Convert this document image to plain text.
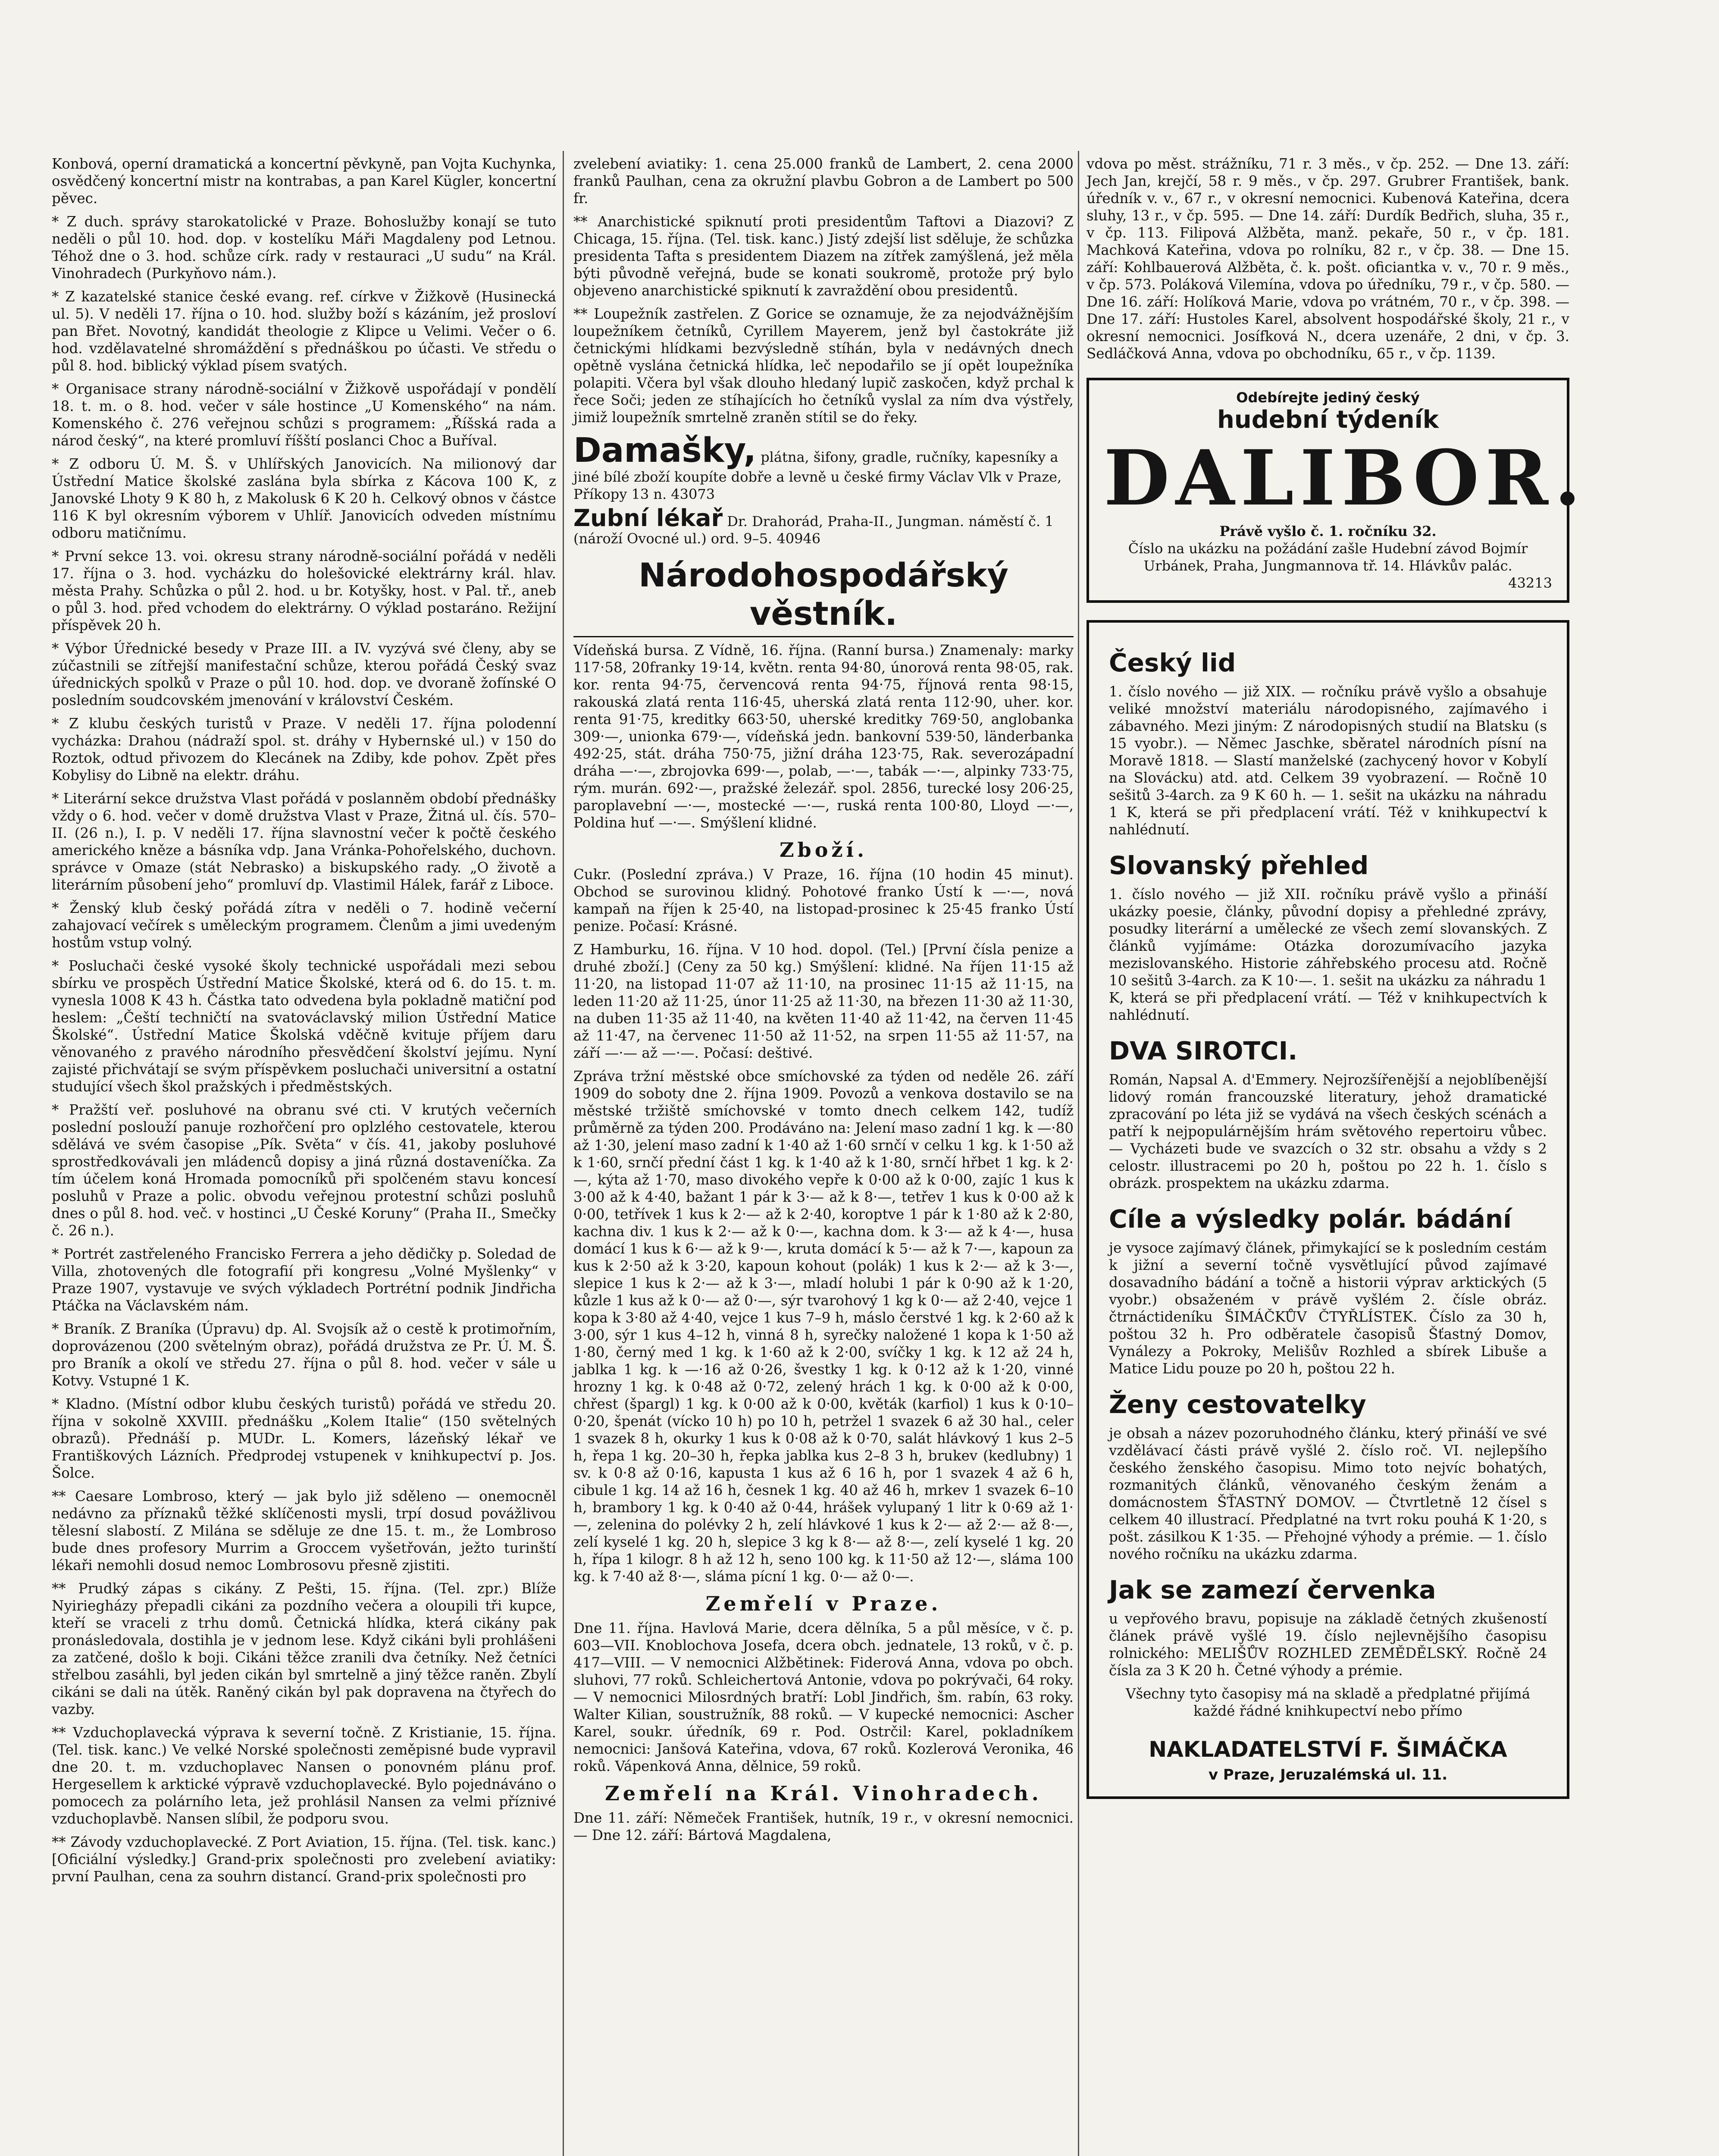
Konbová, operní dramatická a koncertní pěvkyně, pan Vojta Kuchynka, osvědčený koncertní mistr na kontrabas, a pan Karel Kügler, koncertní pěvec.

* Z duch. správy starokatolické v Praze. Bohoslužby konají se tuto neděli o půl 10. hod. dop. v kostelíku Máři Magdaleny pod Letnou. Téhož dne o 3. hod. schůze círk. rady v restauraci „U sudu“ na Král. Vinohradech (Purkyňovo nám.).

* Z kazatelské stanice české evang. ref. církve v Žižkově (Husinecká ul. 5). V neděli 17. října o 10. hod. služby boží s kázáním, jež prosloví pan Břet. Novotný, kandidát theologie z Klipce u Velimi. Večer o 6. hod. vzdělavatelné shromáždění s přednáškou po účasti. Ve středu o půl 8. hod. biblický výklad písem svatých.

* Organisace strany národně-sociální v Žižkově uspořádají v pondělí 18. t. m. o 8. hod. večer v sále hostince „U Komenského“ na nám. Komenského č. 276 veřejnou schůzi s programem: „Říšská rada a národ český“, na které promluví říšští poslanci Choc a Buříval.

* Z odboru Ú. M. Š. v Uhlířských Janovicích. Na milionový dar Ústřední Matice školské zaslána byla sbírka z Kácova 100 K, z Janovské Lhoty 9 K 80 h, z Makolusk 6 K 20 h. Celkový obnos v částce 116 K byl okresním výborem v Uhlíř. Janovicích odveden místnímu odboru matičnímu.

* První sekce 13. voi. okresu strany národně-sociální pořádá v neděli 17. října o 3. hod. vycházku do holešovické elektrárny král. hlav. města Prahy. Schůzka o půl 2. hod. u br. Kotyšky, host. v Pal. tř., aneb o půl 3. hod. před vchodem do elektrárny. O výklad postaráno. Režijní příspěvek 20 h.

* Výbor Úřednické besedy v Praze III. a IV. vyzývá své členy, aby se zúčastnili se zítřejší manifestační schůze, kterou pořádá Český svaz úřednických spolků v Praze o půl 10. hod. dop. ve dvoraně žofínské O posledním soudcovském jmenování v království Českém.

* Z klubu českých turistů v Praze. V neděli 17. října polodenní vycházka: Drahou (nádraží spol. st. dráhy v Hybernské ul.) v 150 do Roztok, odtud přivozem do Klecánek na Zdiby, kde pohov. Zpět přes Kobylisy do Libně na elektr. dráhu.

* Literární sekce družstva Vlast pořádá v poslanněm období přednášky vždy o 6. hod. večer v domě družstva Vlast v Praze, Žitná ul. čís. 570–II. (26 n.), I. p. V neděli 17. října slavnostní večer k počtě českého amerického kněze a básníka vdp. Jana Vránka-Pohořelského, duchovn. správce v Omaze (stát Nebrasko) a biskupského rady. „O životě a literárním působení jeho“ promluví dp. Vlastimil Hálek, farář z Liboce.

* Ženský klub český pořádá zítra v neděli o 7. hodině večerní zahajovací večírek s uměleckým programem. Členům a jimi uvedeným hostům vstup volný.

* Posluchači české vysoké školy technické uspořádali mezi sebou sbírku ve prospěch Ústřední Matice Školské, která od 6. do 15. t. m. vynesla 1008 K 43 h. Částka tato odvedena byla pokladně matiční pod heslem: „Čeští techničtí na svatováclavský milion Ústřední Matice Školské“. Ústřední Matice Školská vděčně kvituje příjem daru věnovaného z pravého národního přesvědčení školství jejímu. Nyní zajisté přichvátají se svým příspěvkem posluchači universitní a ostatní studující všech škol pražských i předměstských.

* Pražští veř. posluhové na obranu své cti. V krutých večerních poslední poslouží panuje rozhořčení pro oplzlého cestovatele, kterou sdělává ve svém časopise „Pík. Světa“ v čís. 41, jakoby posluhové sprostředkovávali jen mládenců dopisy a jiná různá dostaveníčka. Za tím účelem koná Hromada pomocníků při spolčeném stavu koncesí posluhů v Praze a polic. obvodu veřejnou protestní schůzi posluhů dnes o půl 8. hod. več. v hostinci „U České Koruny“ (Praha II., Smečky č. 26 n.).

* Portrét zastřeleného Francisko Ferrera a jeho dědičky p. Soledad de Villa, zhotovených dle fotografií při kongresu „Volné Myšlenky“ v Praze 1907, vystavuje ve svých výkladech Portrétní podnik Jindřicha Ptáčka na Václavském nám.

* Braník. Z Braníka (Úpravu) dp. Al. Svojsík až o cestě k protimořním, doprovázenou (200 světelným obraz), pořádá družstva ze Pr. Ú. M. Š. pro Braník a okolí ve středu 27. října o půl 8. hod. večer v sále u Kotvy. Vstupné 1 K.

* Kladno. (Místní odbor klubu českých turistů) pořádá ve středu 20. října v sokolně XXVIII. přednášku „Kolem Italie“ (150 světelných obrazů). Přednáší p. MUDr. L. Komers, lázeňský lékař ve Františkových Lázních. Předprodej vstupenek v knihkupectví p. Jos. Šolce.

** Caesare Lombroso, který — jak bylo již sděleno — onemocněl nedávno za příznaků těžké sklíčenosti mysli, trpí dosud povážlivou tělesní slabostí. Z Milána se sděluje ze dne 15. t. m., že Lombroso bude dnes profesory Murrim a Groccem vyšetřován, ježto turinští lékaři nemohli dosud nemoc Lombrosovu přesně zjistiti.

** Prudký zápas s cikány. Z Pešti, 15. října. (Tel. zpr.) Blíže Nyiriegházy přepadli cikáni za pozdního večera a oloupili tři kupce, kteří se vraceli z trhu domů. Četnická hlídka, která cikány pak pronásledovala, dostihla je v jednom lese. Když cikáni byli prohlášeni za zatčené, došlo k boji. Cikáni těžce zranili dva četníky. Než četníci střelbou zasáhli, byl jeden cikán byl smrtelně a jiný těžce raněn. Zbylí cikáni se dali na útěk. Raněný cikán byl pak dopravena na čtyřech do vazby.

** Vzduchoplavecká výprava k severní točně. Z Kristianie, 15. října. (Tel. tisk. kanc.) Ve velké Norské společnosti zeměpisné bude vypravil dne 20. t. m. vzduchoplavec Nansen o ponovném plánu prof. Hergesellem k arktické výpravě vzduchoplavecké. Bylo pojednáváno o pomocech za polárního leta, jež prohlásil Nansen za velmi příznivé vzduchoplavbě. Nansen slíbil, že podporu svou.

** Závody vzduchoplavecké. Z Port Aviation, 15. října. (Tel. tisk. kanc.) [Oficiální výsledky.] Grand-prix společnosti pro zvelebení aviatiky: první Paulhan, cena za souhrn distancí. Grand-prix společnosti pro

zvelebení aviatiky: 1. cena 25.000 franků de Lambert, 2. cena 2000 franků Paulhan, cena za okružní plavbu Gobron a de Lambert po 500 fr.

** Anarchistické spiknutí proti presidentům Taftovi a Diazovi? Z Chicaga, 15. října. (Tel. tisk. kanc.) Jistý zdejší list sděluje, že schůzka presidenta Tafta s presidentem Diazem na zítřek zamýšlená, jež měla býti původně veřejná, bude se konati soukromě, protože prý bylo objeveno anarchistické spiknutí k zavraždění obou presidentů.

** Loupežník zastřelen. Z Gorice se oznamuje, že za nejodvážnějším loupežníkem četníků, Cyrillem Mayerem, jenž byl častokráte již četnickými hlídkami bezvýsledně stíhán, byla v nedávných dnech opětně vyslána četnická hlídka, leč nepodařilo se jí opět loupežníka polapiti. Včera byl však dlouho hledaný lupič zaskočen, když prchal k řece Soči; jeden ze stíhajících ho četníků vyslal za ním dva výstřely, jimiž loupežník smrtelně zraněn stítil se do řeky.

Damašky, plátna, šifony, gradle, ručníky, kapesníky a jiné bílé zboží koupíte dobře a levně u české firmy Václav Vlk v Praze, Příkopy 13 n. 43073
Zubní lékař Dr. Drahorád, Praha-II., Jungman. náměstí č. 1 (nároží Ovocné ul.) ord. 9–5. 40946
Národohospodářský věstník.

Vídeňská bursa. Z Vídně, 16. října. (Ranní bursa.) Znamenaly: marky 117·58, 20franky 19·14, květn. renta 94·80, únorová renta 98·05, rak. kor. renta 94·75, červencová renta 94·75, říjnová renta 98·15, rakouská zlatá renta 116·45, uherská zlatá renta 112·90, uher. kor. renta 91·75, kreditky 663·50, uherské kreditky 769·50, anglobanka 309·—, unionka 679·—, vídeňská jedn. bankovní 539·50, länderbanka 492·25, stát. dráha 750·75, jižní dráha 123·75, Rak. severozápadní dráha —·—, zbrojovka 699·—, polab, —·—, tabák —·—, alpinky 733·75, rým. murán. 692·—, pražské železář. spol. 2856, turecké losy 206·25, paroplavební —·—, mostecké —·—, ruská renta 100·80, Lloyd —·—, Poldina huť —·—. Smýšlení klidné.

Zboží.

Cukr. (Poslední zpráva.) V Praze, 16. října (10 hodin 45 minut). Obchod se surovinou klidný. Pohotové franko Ústí k —·—, nová kampaň na říjen k 25·40, na listopad-prosinec k 25·45 franko Ústí penize. Počasí: Krásné.

Z Hamburku, 16. října. V 10 hod. dopol. (Tel.) [První čísla penize a druhé zboží.] (Ceny za 50 kg.) Smýšlení: klidné. Na říjen 11·15 až 11·20, na listopad 11·07 až 11·10, na prosinec 11·15 až 11·15, na leden 11·20 až 11·25, únor 11·25 až 11·30, na březen 11·30 až 11·30, na duben 11·35 až 11·40, na květen 11·40 až 11·42, na červen 11·45 až 11·47, na červenec 11·50 až 11·52, na srpen 11·55 až 11·57, na září —·— až —·—. Počasí: deštivé.

Zpráva tržní městské obce smíchovské za týden od neděle 26. září 1909 do soboty dne 2. října 1909. Povozů a venkova dostavilo se na městské tržiště smíchovské v tomto dnech celkem 142, tudíž průměrně za týden 200. Prodáváno na: Jelení maso zadní 1 kg. k —·80 až 1·30, jelení maso zadní k 1·40 až 1·60 srnčí v celku 1 kg. k 1·50 až k 1·60, srnčí přední část 1 kg. k 1·40 až k 1·80, srnčí hřbet 1 kg. k 2·—, kýta až 1·70, maso divokého vepře k 0·00 až k 0·00, zajíc 1 kus k 3·00 až k 4·40, bažant 1 pár k 3·— až k 8·—, tetřev 1 kus k 0·00 až k 0·00, tetřívek 1 kus k 2·— až k 2·40, koroptve 1 pár k 1·80 až k 2·80, kachna div. 1 kus k 2·— až k 0·—, kachna dom. k 3·— až k 4·—, husa domácí 1 kus k 6·— až k 9·—, kruta domácí k 5·— až k 7·—, kapoun za kus k 2·50 až k 3·20, kapoun kohout (polák) 1 kus k 2·— až k 3·—, slepice 1 kus k 2·— až k 3·—, mladí holubi 1 pár k 0·90 až k 1·20, kůzle 1 kus až k 0·— až 0·—, sýr tvarohový 1 kg k 0·— až 2·40, vejce 1 kopa k 3·80 až 4·40, vejce 1 kus 7–9 h, máslo čerstvé 1 kg. k 2·60 až k 3·00, sýr 1 kus 4–12 h, vinná 8 h, syrečky naložené 1 kopa k 1·50 až 1·80, černý med 1 kg. k 1·60 až k 2·00, svíčky 1 kg. k 12 až 24 h, jablka 1 kg. k —·16 až 0·26, švestky 1 kg. k 0·12 až k 1·20, vinné hrozny 1 kg. k 0·48 až 0·72, zelený hrách 1 kg. k 0·00 až k 0·00, chřest (špargl) 1 kg. k 0·00 až k 0·00, květák (karfiol) 1 kus k 0·10–0·20, špenát (vícko 10 h) po 10 h, petržel 1 svazek 6 až 30 hal., celer 1 svazek 8 h, okurky 1 kus k 0·08 až k 0·70, salát hlávkový 1 kus 2–5 h, řepa 1 kg. 20–30 h, řepka jablka kus 2–8 3 h, brukev (kedlubny) 1 sv. k 0·8 až 0·16, kapusta 1 kus až 6 16 h, por 1 svazek 4 až 6 h, cibule 1 kg. 14 až 16 h, česnek 1 kg. 40 až 46 h, mrkev 1 svazek 6–10 h, brambory 1 kg. k 0·40 až 0·44, hrášek vylupaný 1 litr k 0·69 až 1·—, zelenina do polévky 2 h, zelí hlávkové 1 kus k 2·— až 2·— až 8·—, zelí kyselé 1 kg. 20 h, slepice 3 kg k 8·— až 8·—, zelí kyselé 1 kg. 20 h, řípa 1 kilogr. 8 h až 12 h, seno 100 kg. k 11·50 až 12·—, sláma 100 kg. k 7·40 až 8·—, sláma pícní 1 kg. 0·— až 0·—.

Zemřelí v Praze.

Dne 11. října. Havlová Marie, dcera dělníka, 5 a půl měsíce, v č. p. 603—VII. Knoblochova Josefa, dcera obch. jednatele, 13 roků, v č. p. 417—VIII. — V nemocnici Alžbětinek: Fiderová Anna, vdova po obch. sluhovi, 77 roků. Schleichertová Antonie, vdova po pokrývači, 64 roky. — V nemocnici Milosrdných bratří: Lobl Jindřich, šm. rabín, 63 roky. Walter Kilian, soustružník, 88 roků. — V kupecké nemocnici: Ascher Karel, soukr. úředník, 69 r. Pod. Ostrčil: Karel, pokladníkem nemocnici: Janšová Kateřina, vdova, 67 roků. Kozlerová Veronika, 46 roků. Vápenková Anna, dělnice, 59 roků.

Zemřelí na Král. Vinohradech.

Dne 11. září: Němeček František, hutník, 19 r., v okresní nemocnici. — Dne 12. září: Bártová Magdalena,

vdova po měst. strážníku, 71 r. 3 měs., v čp. 252. — Dne 13. září: Jech Jan, krejčí, 58 r. 9 měs., v čp. 297. Grubrer František, bank. úředník v. v., 67 r., v okresní nemocnici. Kubenová Kateřina, dcera sluhy, 13 r., v čp. 595. — Dne 14. září: Durdík Bedřich, sluha, 35 r., v čp. 113. Filipová Alžběta, manž. pekaře, 50 r., v čp. 181. Machková Kateřina, vdova po rolníku, 82 r., v čp. 38. — Dne 15. září: Kohlbauerová Alžběta, č. k. pošt. oficiantka v. v., 70 r. 9 měs., v čp. 573. Poláková Vilemína, vdova po úředníku, 79 r., v čp. 580. — Dne 16. září: Holíková Marie, vdova po vrátném, 70 r., v čp. 398. — Dne 17. září: Hustoles Karel, absolvent hospodářské školy, 21 r., v okresní nemocnici. Josífková N., dcera uzenáře, 2 dni, v čp. 3. Sedláčková Anna, vdova po obchodníku, 65 r., v čp. 1139.

Odebírejte jediný český
hudební týdeník
DALIBOR.
Právě vyšlo č. 1. ročníku 32.
Číslo na ukázku na požádání zašle Hudební závod Bojmír Urbánek, Praha, Jungmannova tř. 14. Hlávkův palác.
43213
Český lid

1. číslo nového — již XIX. — ročníku právě vyšlo a obsahuje veliké množství materiálu národopisného, zajímavého i zábavného. Mezi jiným: Z národopisných studií na Blatsku (s 15 vyobr.). — Němec Jaschke, sběratel národních písní na Moravě 1818. — Slastí manželské (zachycený hovor v Kobylí na Slovácku) atd. atd. Celkem 39 vyobrazení. — Ročně 10 sešitů 3-4arch. za 9 K 60 h. — 1. sešit na ukázku na náhradu 1 K, která se při předplacení vrátí. Též v knihkupectví k nahlédnutí.

Slovanský přehled

1. číslo nového — již XII. ročníku právě vyšlo a přináší ukázky poesie, články, původní dopisy a přehledné zprávy, posudky literární a umělecké ze všech zemí slovanských. Z článků vyjímáme: Otázka dorozumívacího jazyka mezislovanského. Historie záhřebského procesu atd. Ročně 10 sešitů 3-4arch. za K 10·—. 1. sešit na ukázku za náhradu 1 K, která se při předplacení vrátí. — Též v knihkupectvích k nahlédnutí.

DVA SIROTCI.

Román, Napsal A. d'Emmery. Nejrozšířenější a nejoblíbenější lidový román francouzské literatury, jehož dramatické zpracování po léta již se vydává na všech českých scénách a patří k nejpopulárnějším hrám světového repertoiru vůbec. — Vycházeti bude ve svazcích o 32 str. obsahu a vždy s 2 celostr. illustracemi po 20 h, poštou po 22 h. 1. číslo s obrázk. prospektem na ukázku zdarma.

Cíle a výsledky polár. bádání

je vysoce zajímavý článek, přimykající se k posledním cestám k jižní a severní točně vysvětlující původ zajímavé dosavadního bádání a točně a historii výprav arktických (5 vyobr.) obsaženém v právě vyšlém 2. čísle obráz. čtrnáctideníku ŠIMÁČKŮV ČTYŘLÍSTEK. Číslo za 30 h, poštou 32 h. Pro odběratele časopisů Šťastný Domov, Vynálezy a Pokroky, Melišův Rozhled a sbírek Libuše a Matice Lidu pouze po 20 h, poštou 22 h.

Ženy cestovatelky

je obsah a název pozoruhodného článku, který přináší ve své vzdělávací části právě vyšlé 2. číslo roč. VI. nejlepšího českého ženského časopisu. Mimo toto nejvíc bohatých, rozmanitých článků, věnovaného českým ženám a domácnostem ŠŤASTNÝ DOMOV. — Čtvrtletně 12 čísel s celkem 40 illustrací. Předplatné na tvrt roku pouhá K 1·20, s pošt. zásilkou K 1·35. — Přehojné výhody a prémie. — 1. číslo nového ročníku na ukázku zdarma.

Jak se zamezí červenka

u vepřového bravu, popisuje na základě četných zkušeností článek právě vyšlé 19. číslo nejlevnějšího časopisu rolnického: MELIŠŮV ROZHLED ZEMĚDĚLSKÝ. Ročně 24 čísla za 3 K 20 h. Četné výhody a prémie.

Všechny tyto časopisy má na skladě a předplatné přijímá každé řádné knihkupectví nebo přímo

NAKLADATELSTVÍ F. ŠIMÁČKA
v Praze, Jeruzalémská ul. 11.
